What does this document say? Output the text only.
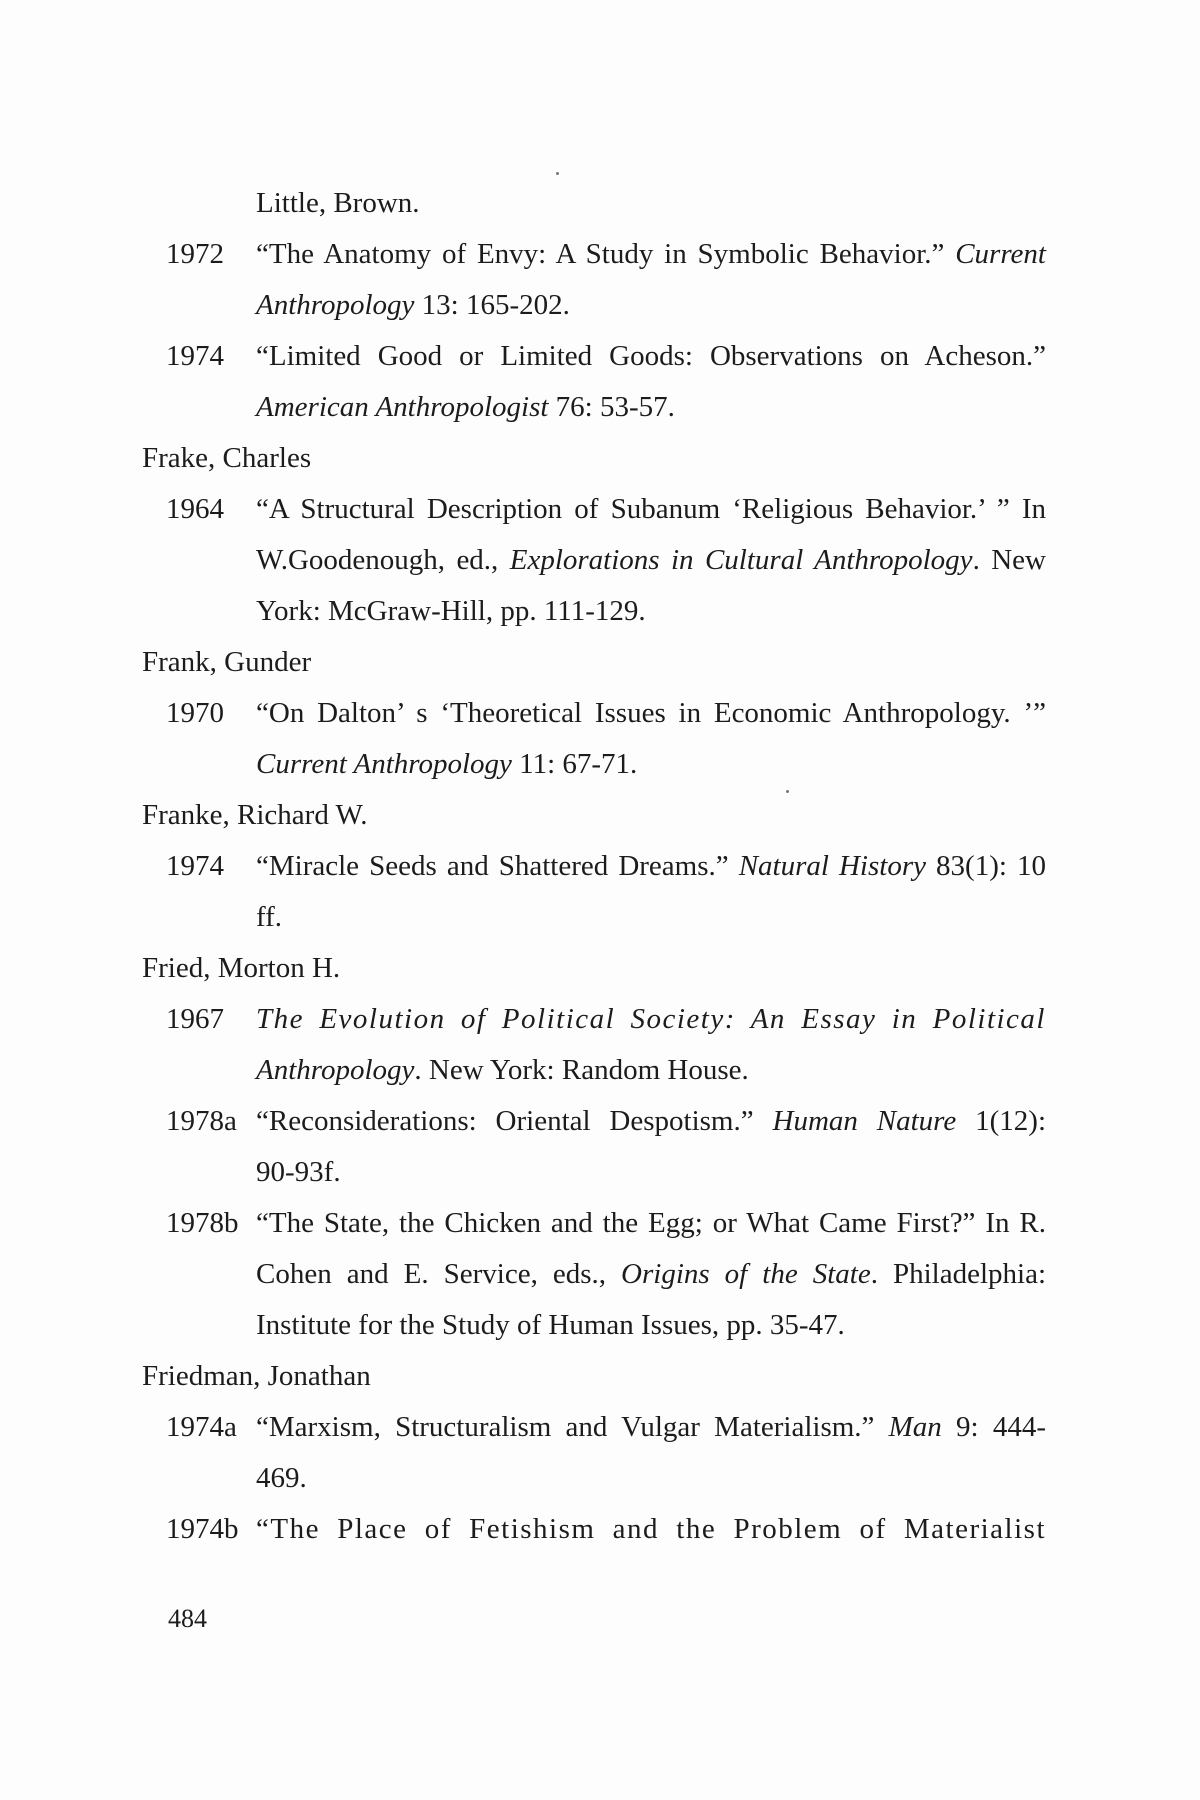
Little, Brown.
1972 “The Anatomy of Envy: A Study in Symbolic Behavior.” Current
Anthropology 13: 165-202.
1974 “Limited Good or Limited Goods: Observations on Acheson.”
American Anthropologist 76: 53-57.
Frake, Charles
1964 “A Structural Description of Subanum ‘Religious Behavior.’ ” In
W.Goodenough, ed., Explorations in Cultural Anthropology. New
York: McGraw-Hill, pp. 111-129.
Frank, Gunder
1970 “On Dalton’ s ‘Theoretical Issues in Economic Anthropology. ’”
Current Anthropology 11: 67-71.
Franke, Richard W.
1974 “Miracle Seeds and Shattered Dreams.” Natural History 83(1): 10
ff.
Fried, Morton H.
1967 The Evolution of Political Society: An Essay in Political
Anthropology. New York: Random House.
1978a “Reconsiderations: Oriental Despotism.” Human Nature 1(12):
90-93f.
1978b “The State, the Chicken and the Egg; or What Came First?” In R.
Cohen and E. Service, eds., Origins of the State. Philadelphia:
Institute for the Study of Human Issues, pp. 35-47.
Friedman, Jonathan
1974a “Marxism, Structuralism and Vulgar Materialism.” Man 9: 444-
469.
1974b “The Place of Fetishism and the Problem of Materialist
484
